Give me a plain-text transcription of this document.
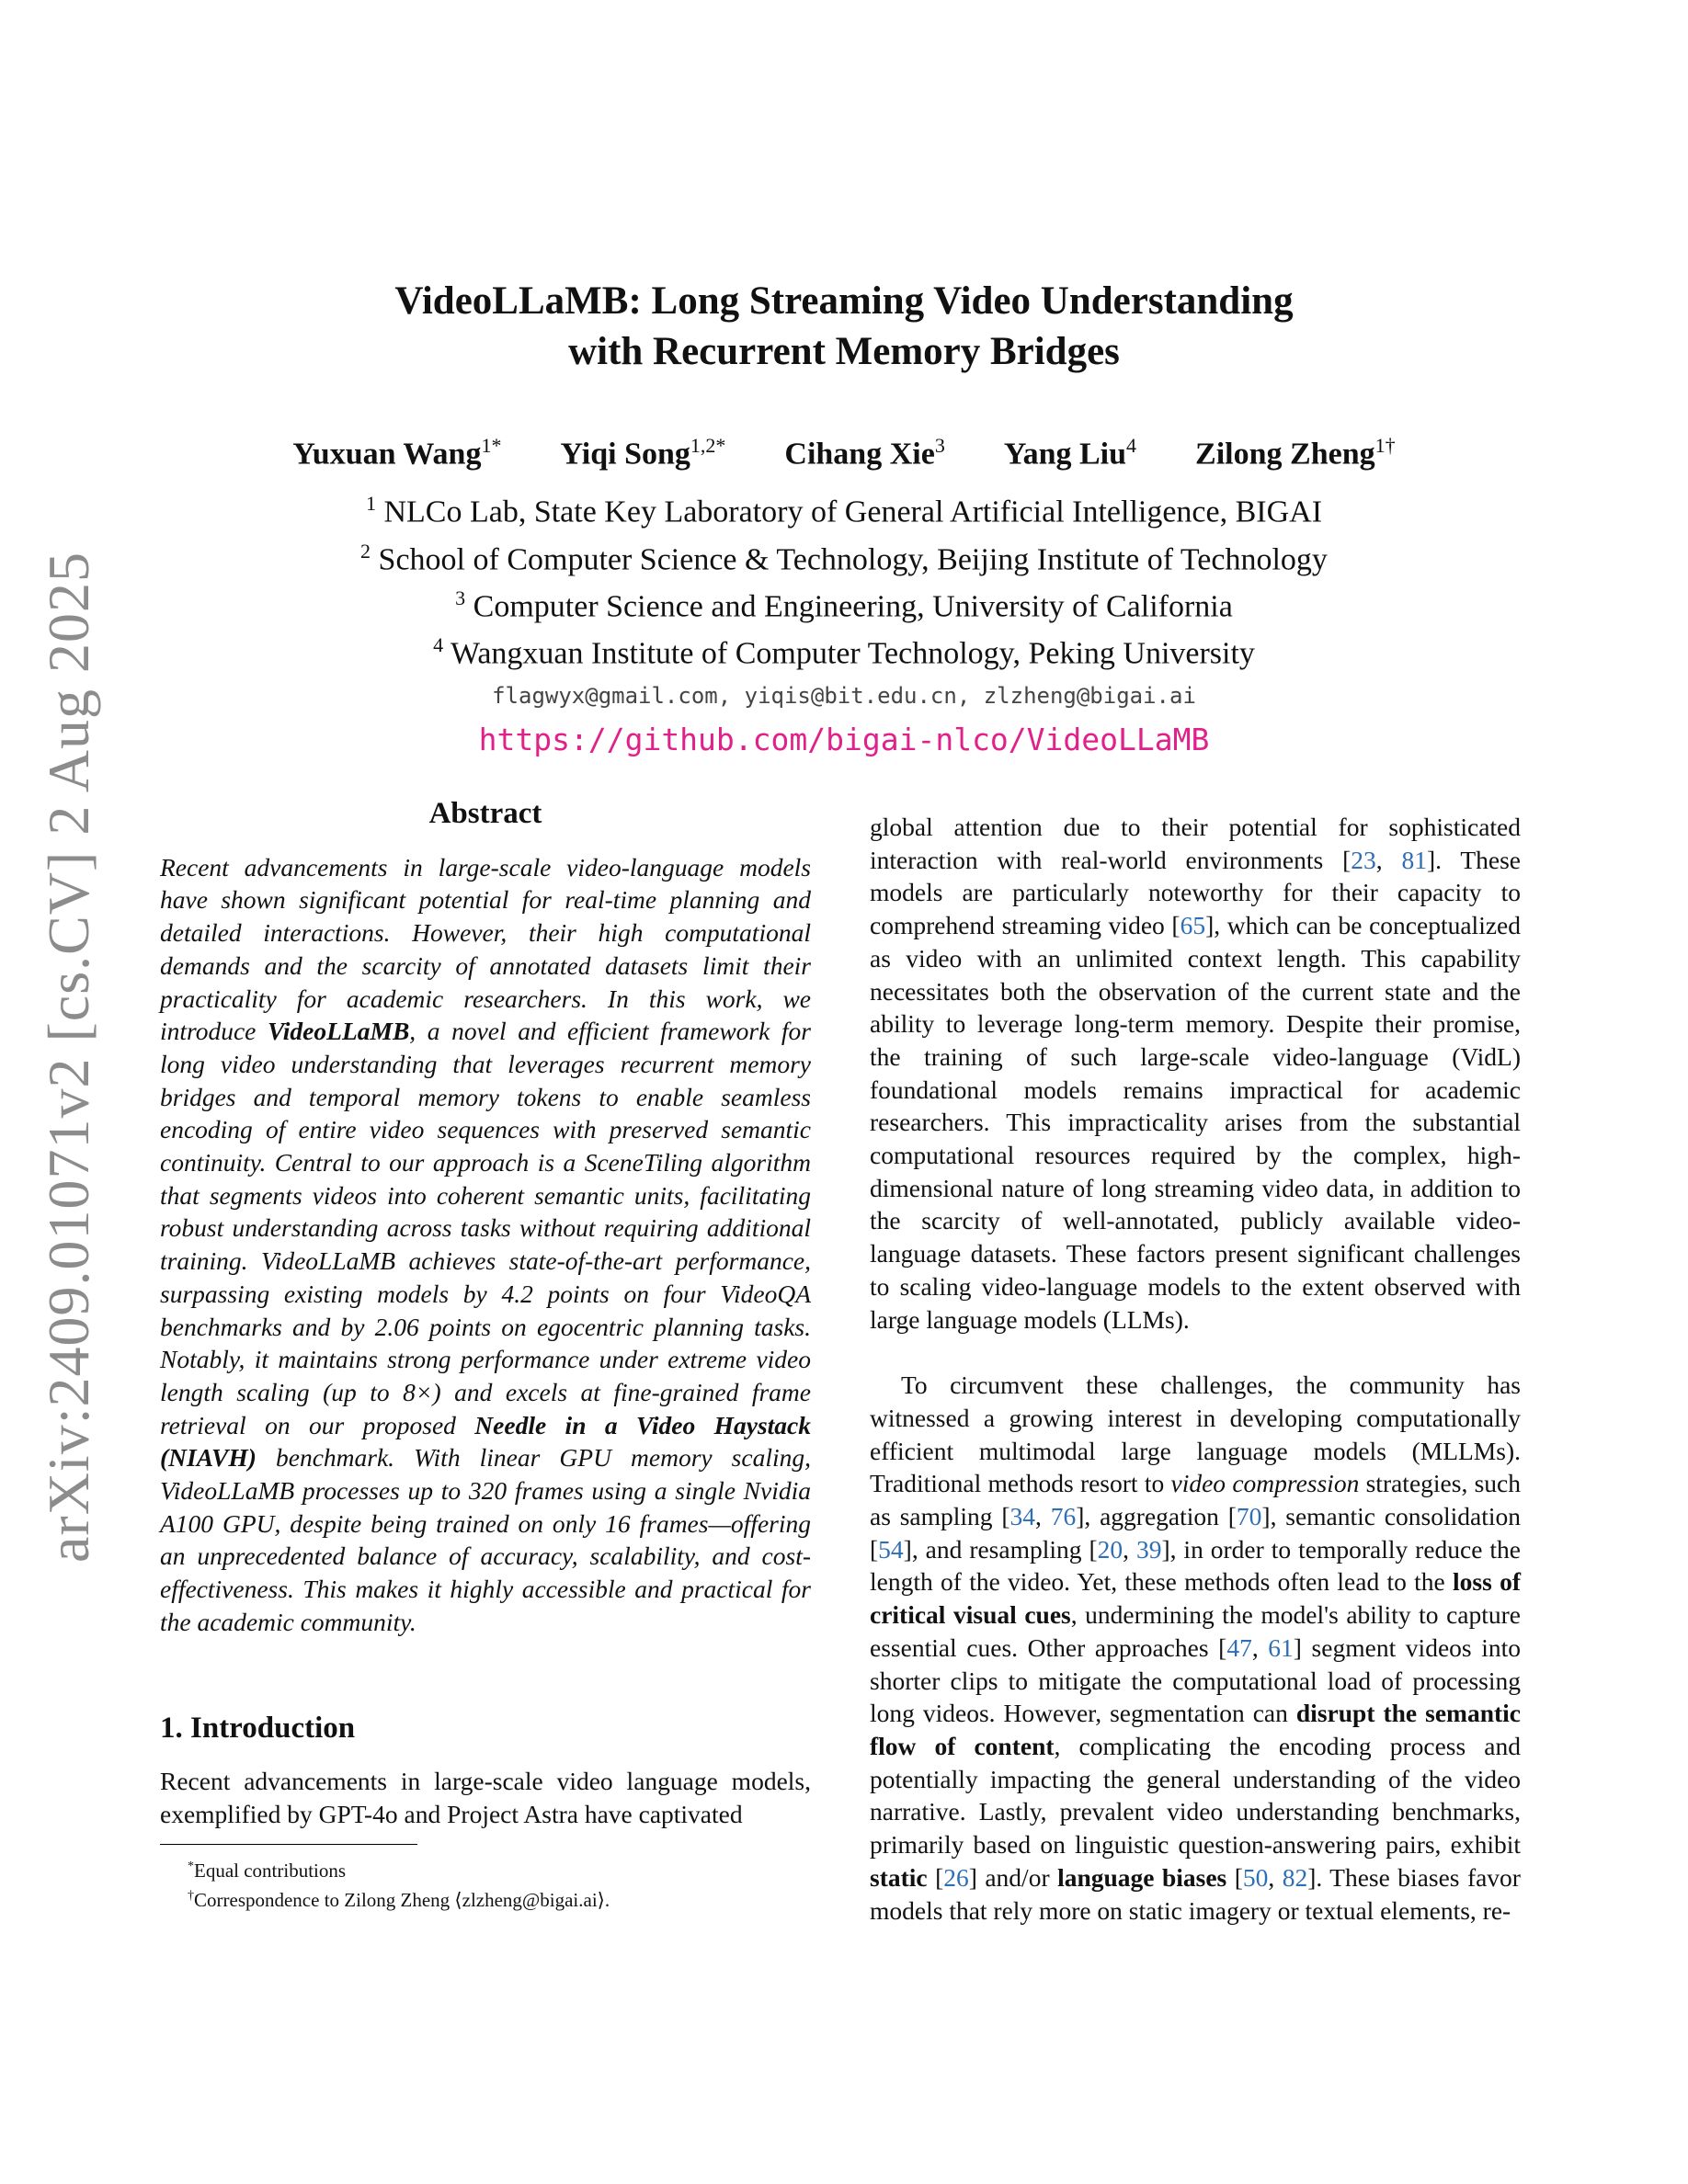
arXiv:2409.01071v2 [cs.CV] 2 Aug 2025
VideoLLaMB: Long Streaming Video Understanding
with Recurrent Memory Bridges
Yuxuan Wang$^{1*}$ Yiqi Song$^{1,2*}$ Cihang Xie$^3$ Yang Liu$^4$ Zilong Zheng$^{1\dagger}$
$^1$ NLCo Lab, State Key Laboratory of General Artificial Intelligence, BIGAI
$^2$ School of Computer Science & Technology, Beijing Institute of Technology
$^3$ Computer Science and Engineering, University of California
$^4$ Wangxuan Institute of Computer Technology, Peking University
flagwyx@gmail.com, yiqis@bit.edu.cn, zlzheng@bigai.ai
https://github.com/bigai-nlco/VideoLLaMB
Abstract

Recent advancements in large-scale video-language models have shown significant potential for real-time planning and detailed interactions. However, their high computational demands and the scarcity of annotated datasets limit their practicality for academic researchers. In this work, we introduce VideoLLaMB, a novel and efficient framework for long video understanding that leverages recurrent memory bridges and temporal memory tokens to enable seamless encoding of entire video sequences with preserved semantic continuity. Central to our approach is a SceneTiling algorithm that segments videos into coherent semantic units, facilitating robust understanding across tasks without requiring additional training. VideoLLaMB achieves state-of-the-art performance, surpassing existing models by 4.2 points on four VideoQA benchmarks and by 2.06 points on egocentric planning tasks. Notably, it maintains strong performance under extreme video length scaling (up to 8×) and excels at fine-grained frame retrieval on our proposed Needle in a Video Haystack (NIAVH) benchmark. With linear GPU memory scaling, VideoLLaMB processes up to 320 frames using a single Nvidia A100 GPU, despite being trained on only 16 frames—offering an unprecedented balance of accuracy, scalability, and cost-effectiveness. This makes it highly accessible and practical for the academic community.

1. Introduction

Recent advancements in large-scale video language models, exemplified by GPT-4o and Project Astra have captivated

*Equal contributions
†Correspondence to Zilong Zheng ⟨zlzheng@bigai.ai⟩.

global attention due to their potential for sophisticated interaction with real-world environments [23, 81]. These models are particularly noteworthy for their capacity to comprehend streaming video [65], which can be conceptualized as video with an unlimited context length. This capability necessitates both the observation of the current state and the ability to leverage long-term memory. Despite their promise, the training of such large-scale video-language (VidL) foundational models remains impractical for academic researchers. This impracticality arises from the substantial computational resources required by the complex, high-dimensional nature of long streaming video data, in addition to the scarcity of well-annotated, publicly available video-language datasets. These factors present significant challenges to scaling video-language models to the extent observed with large language models (LLMs).

To circumvent these challenges, the community has witnessed a growing interest in developing computationally efficient multimodal large language models (MLLMs). Traditional methods resort to video compression strategies, such as sampling [34, 76], aggregation [70], semantic consolidation [54], and resampling [20, 39], in order to temporally reduce the length of the video. Yet, these methods often lead to the loss of critical visual cues, undermining the model's ability to capture essential cues. Other approaches [47, 61] segment videos into shorter clips to mitigate the computational load of processing long videos. However, segmentation can disrupt the semantic flow of content, complicating the encoding process and potentially impacting the general understanding of the video narrative. Lastly, prevalent video understanding benchmarks, primarily based on linguistic question-answering pairs, exhibit static [26] and/or language biases [50, 82]. These biases favor models that rely more on static imagery or textual elements, re-
